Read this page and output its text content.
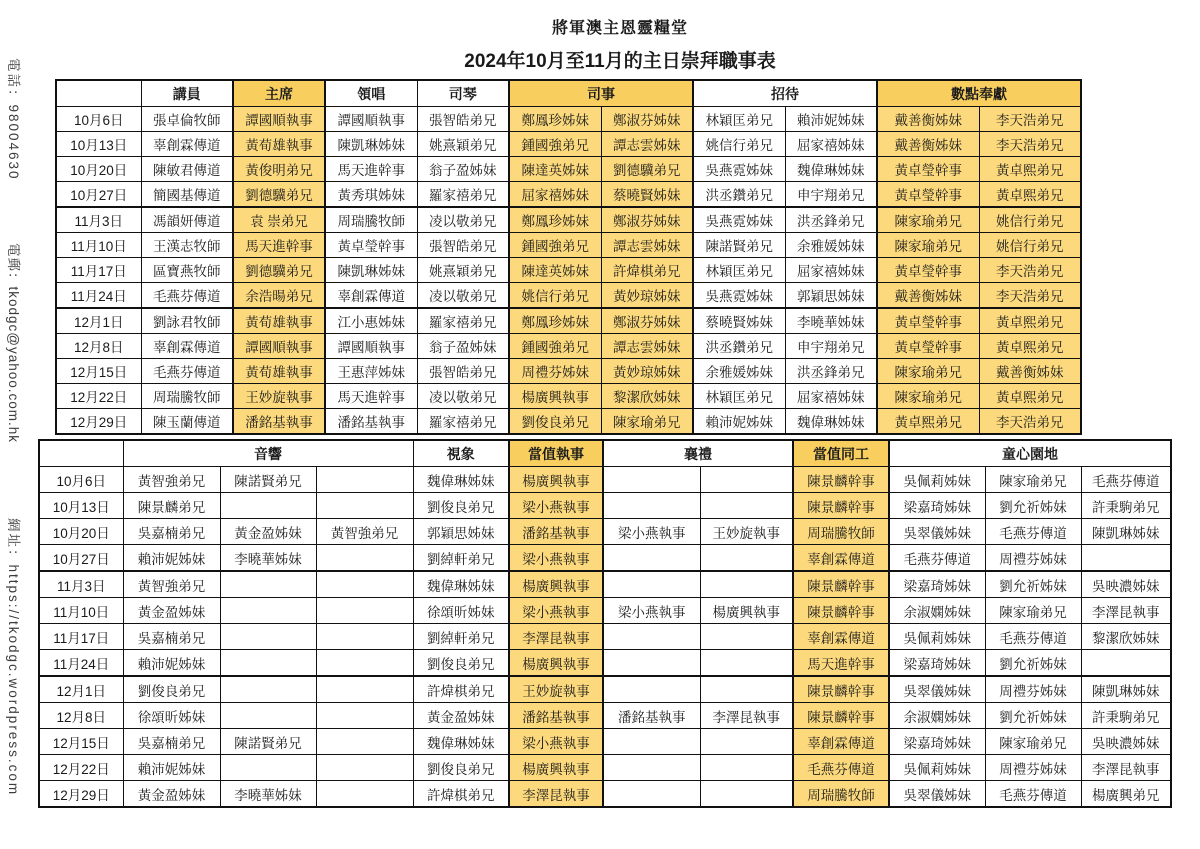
電話：98004630
電郵：tkodgc@yahoo.com.hk
網址：https://tkodgc.wordpress.com
將軍澳主恩靈糧堂
2024年10月至11月的主日崇拜職事表
	講員	主席	領唱	司琴	司事		招待		數點奉獻	
10月6日	張卓倫牧師	譚國順執事	譚國順執事	張智皓弟兄	鄭鳳珍姊妹	鄭淑芬姊妹	林穎匡弟兄	賴沛妮姊妹	戴善衡姊妹	李天浩弟兄
10月13日	辜創霖傳道	黃荀雄執事	陳凱琳姊妹	姚熹穎弟兄	鍾國強弟兄	譚志雲姊妹	姚信行弟兄	屈家禧姊妹	戴善衡姊妹	李天浩弟兄
10月20日	陳敏君傳道	黃俊明弟兄	馬天進幹事	翁子盈姊妹	陳達英姊妹	劉德驥弟兄	吳燕霓姊妹	魏偉琳姊妹	黃卓瑩幹事	黃卓熙弟兄
10月27日	簡國基傳道	劉德驥弟兄	黃秀琪姊妹	羅家禧弟兄	屈家禧姊妹	蔡曉賢姊妹	洪丞鑽弟兄	申宇翔弟兄	黃卓瑩幹事	黃卓熙弟兄
11月3日	馮韻妍傳道	袁 崇弟兄	周瑞騰牧師	凌以敬弟兄	鄭鳳珍姊妹	鄭淑芬姊妹	吳燕霓姊妹	洪丞鋒弟兄	陳家瑜弟兄	姚信行弟兄
11月10日	王漢志牧師	馬天進幹事	黃卓瑩幹事	張智皓弟兄	鍾國強弟兄	譚志雲姊妹	陳諾賢弟兄	余雅媛姊妹	陳家瑜弟兄	姚信行弟兄
11月17日	區寶燕牧師	劉德驥弟兄	陳凱琳姊妹	姚熹穎弟兄	陳達英姊妹	許煒棋弟兄	林穎匡弟兄	屈家禧姊妹	黃卓瑩幹事	李天浩弟兄
11月24日	毛燕芬傳道	余浩暘弟兄	辜創霖傳道	凌以敬弟兄	姚信行弟兄	黃妙琼姊妹	吳燕霓姊妹	郭穎思姊妹	戴善衡姊妹	李天浩弟兄
12月1日	劉詠君牧師	黃荀雄執事	江小惠姊妹	羅家禧弟兄	鄭鳳珍姊妹	鄭淑芬姊妹	蔡曉賢姊妹	李曉華姊妹	黃卓瑩幹事	黃卓熙弟兄
12月8日	辜創霖傳道	譚國順執事	譚國順執事	翁子盈姊妹	鍾國強弟兄	譚志雲姊妹	洪丞鑽弟兄	申宇翔弟兄	黃卓瑩幹事	黃卓熙弟兄
12月15日	毛燕芬傳道	黃荀雄執事	王惠萍姊妹	張智皓弟兄	周禮芬姊妹	黃妙琼姊妹	余雅媛姊妹	洪丞鋒弟兄	陳家瑜弟兄	戴善衡姊妹
12月22日	周瑞騰牧師	王妙旋執事	馬天進幹事	凌以敬弟兄	楊廣興執事	黎潔欣姊妹	林穎匡弟兄	屈家禧姊妹	陳家瑜弟兄	黃卓熙弟兄
12月29日	陳玉蘭傳道	潘銘基執事	潘銘基執事	羅家禧弟兄	劉俊良弟兄	陳家瑜弟兄	賴沛妮姊妹	魏偉琳姊妹	黃卓熙弟兄	李天浩弟兄
	音響			視象	當值執事	襄禮		當值同工	童心園地		
10月6日	黃智強弟兄	陳諾賢弟兄		魏偉琳姊妹	楊廣興執事			陳景麟幹事	吳佩莉姊妹	陳家瑜弟兄	毛燕芬傳道
10月13日	陳景麟弟兄			劉俊良弟兄	梁小燕執事			陳景麟幹事	梁嘉琦姊妹	劉允祈姊妹	許秉駒弟兄
10月20日	吳嘉楠弟兄	黃金盈姊妹	黃智強弟兄	郭穎思姊妹	潘銘基執事	梁小燕執事	王妙旋執事	周瑞騰牧師	吳翠儀姊妹	毛燕芬傳道	陳凱琳姊妹
10月27日	賴沛妮姊妹	李曉華姊妹		劉綽軒弟兄	梁小燕執事			辜創霖傳道	毛燕芬傳道	周禮芬姊妹	
11月3日	黃智強弟兄			魏偉琳姊妹	楊廣興執事			陳景麟幹事	梁嘉琦姊妹	劉允祈姊妹	吳映濃姊妹
11月10日	黃金盈姊妹			徐頌昕姊妹	梁小燕執事	梁小燕執事	楊廣興執事	陳景麟幹事	余淑嫻姊妹	陳家瑜弟兄	李澤昆執事
11月17日	吳嘉楠弟兄			劉綽軒弟兄	李澤昆執事			辜創霖傳道	吳佩莉姊妹	毛燕芬傳道	黎潔欣姊妹
11月24日	賴沛妮姊妹			劉俊良弟兄	楊廣興執事			馬天進幹事	梁嘉琦姊妹	劉允祈姊妹	
12月1日	劉俊良弟兄			許煒棋弟兄	王妙旋執事			陳景麟幹事	吳翠儀姊妹	周禮芬姊妹	陳凱琳姊妹
12月8日	徐頌昕姊妹			黃金盈姊妹	潘銘基執事	潘銘基執事	李澤昆執事	陳景麟幹事	余淑嫻姊妹	劉允祈姊妹	許秉駒弟兄
12月15日	吳嘉楠弟兄	陳諾賢弟兄		魏偉琳姊妹	梁小燕執事			辜創霖傳道	梁嘉琦姊妹	陳家瑜弟兄	吳映濃姊妹
12月22日	賴沛妮姊妹			劉俊良弟兄	楊廣興執事			毛燕芬傳道	吳佩莉姊妹	周禮芬姊妹	李澤昆執事
12月29日	黃金盈姊妹	李曉華姊妹		許煒棋弟兄	李澤昆執事			周瑞騰牧師	吳翠儀姊妹	毛燕芬傳道	楊廣興弟兄
